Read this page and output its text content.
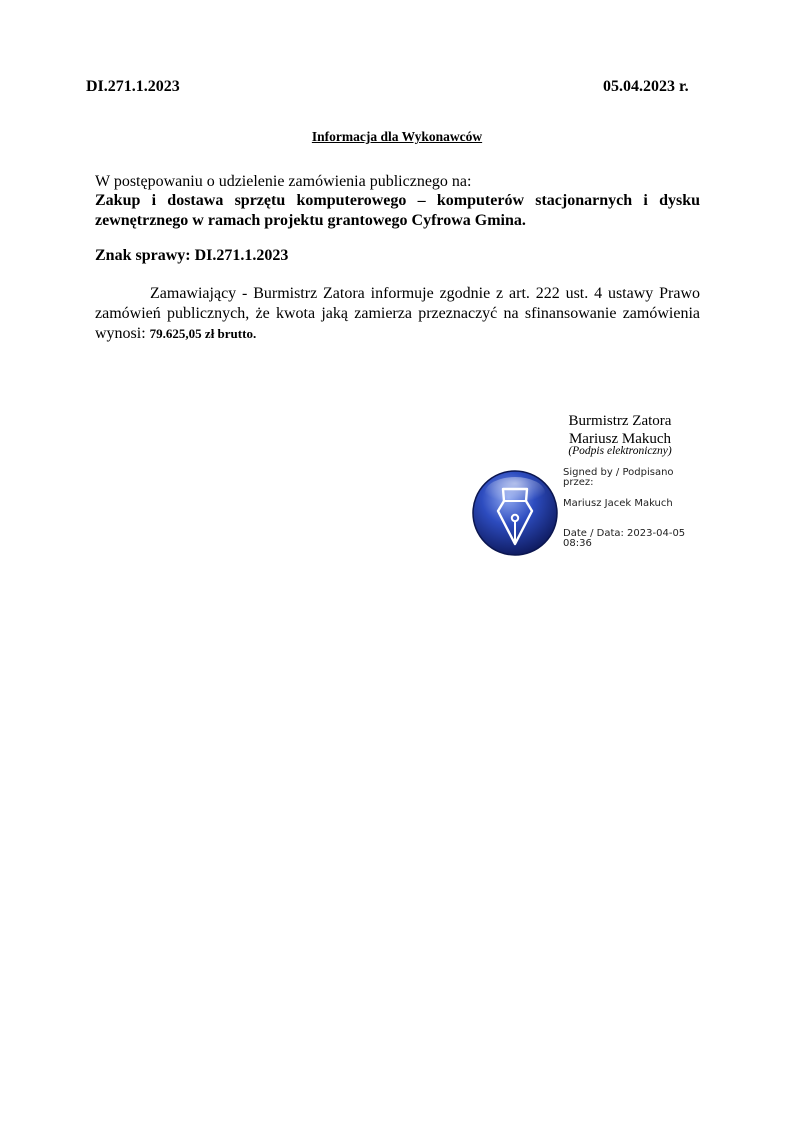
DI.271.1.2023	05.04.2023 r.
Informacja dla Wykonawców
W postępowaniu o udzielenie zamówienia publicznego na:
Zakup i dostawa sprzętu komputerowego – komputerów stacjonarnych i dysku zewnętrznego w ramach projektu grantowego Cyfrowa Gmina.
Znak sprawy: DI.271.1.2023
Zamawiający - Burmistrz Zatora informuje zgodnie z art. 222 ust. 4 ustawy Prawo zamówień publicznych, że kwota jaką zamierza przeznaczyć na sfinansowanie zamówienia wynosi: 79.625,05 zł brutto.
Burmistrz Zatora
Mariusz Makuch
(Podpis elektroniczny)
Signed by / Podpisano przez:
Mariusz Jacek Makuch
Date / Data: 2023-04-05 08:36
